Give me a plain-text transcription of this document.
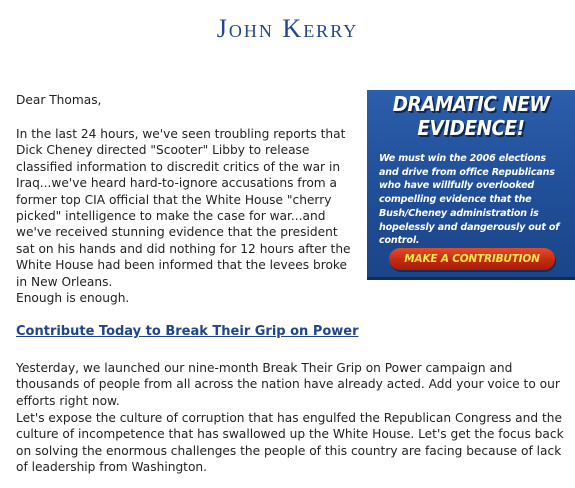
John Kerry
Dear Thomas,
In the last 24 hours, we've seen troubling reports that Dick Cheney directed "Scooter" Libby to release classified information to discredit critics of the war in Iraq...we've heard hard-to-ignore accusations from a former top CIA official that the White House "cherry picked" intelligence to make the case for war...and we've received stunning evidence that the president sat on his hands and did nothing for 12 hours after the White House had been informed that the levees broke in New Orleans.
DRAMATIC NEW
EVIDENCE!
We must win the 2006 elections and drive from office Republicans who have willfully overlooked compelling evidence that the Bush/Cheney administration is hopelessly and dangerously out of control.
MAKE A CONTRIBUTION
Enough is enough.
Contribute Today to Break Their Grip on Power
Yesterday, we launched our nine-month Break Their Grip on Power campaign and thousands of people from all across the nation have already acted. Add your voice to our efforts right now.
Let's expose the culture of corruption that has engulfed the Republican Congress and the culture of incompetence that has swallowed up the White House. Let's get the focus back on solving the enormous challenges the people of this country are facing because of lack of leadership from Washington.
